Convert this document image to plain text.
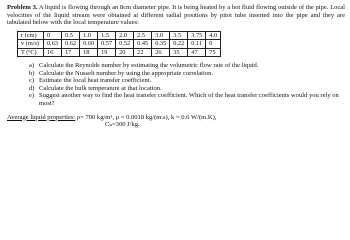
Problem 3. A liquid is flowing through an 8cm diameter pipe. It is being heated by a hot fluid flowing outside of the pipe. Local velocities of the liquid stream were obtained at different radial positions by pitot tube inserted into the pipe and they are tabulated below with the local temperature values:

r (cm)	0	0.5	1.0	1.5	2.0	2.5	3.0	3.5	3.75	4.0
v (m/s)	0.63	0.62	0.60	0.57	0.52	0.45	0.35	0.22	0.11	0
T (ºC)	16	17	18	19	20	22	26	35	47	75
a) Calculate the Reynolds number by estimating the volumetric flow rate of the liquid.
b) Calculate the Nusselt number by using the appropriate correlation.
c) Estimate the local heat transfer coefficient.
d) Calculate the bulk temperature at that location.
e) Suggest another way to find the heat transfer coefficient. Which of the heat transfer coefficients would you rely on most?
Average liquid properties: ρ= 700 kg/m³, μ = 0.0018 kg/(m.s), k = 0.6 W/(m.K),
Cₚ=300 J/kg.
